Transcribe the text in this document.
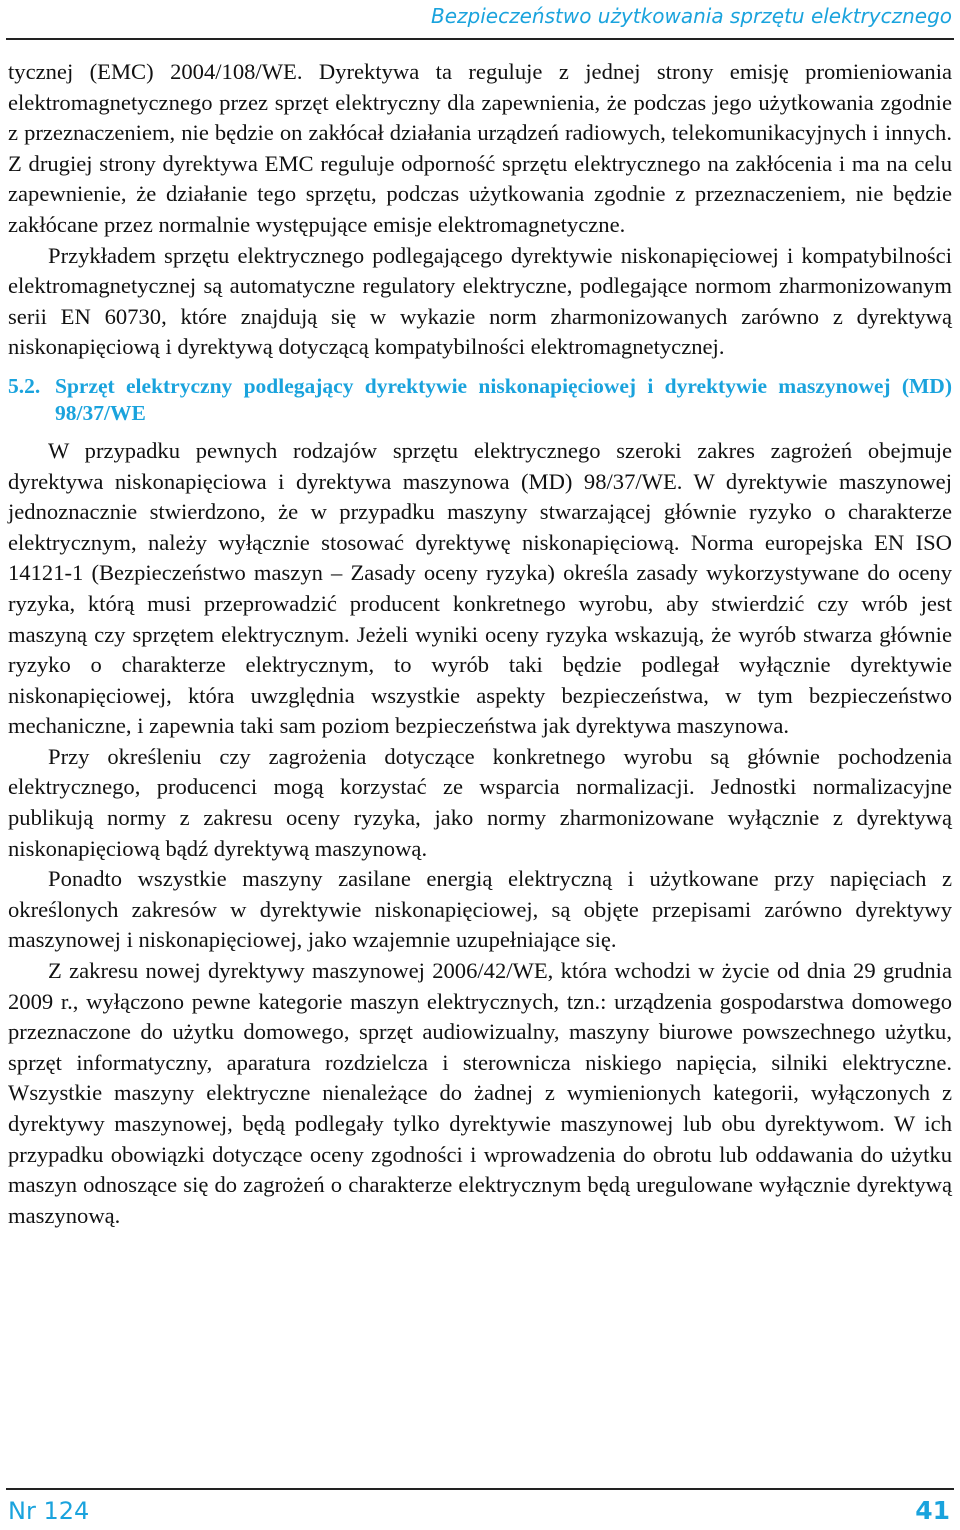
Bezpieczeństwo użytkowania sprzętu elektrycznego

tycznej (EMC) 2004/108/WE. Dyrektywa ta reguluje z jednej strony emisję promieniowania elektromagnetycznego przez sprzęt elektryczny dla zapewnienia, że podczas jego użytkowania zgodnie z przeznaczeniem, nie będzie on zakłócał działania urządzeń radiowych, telekomunikacyjnych i innych. Z drugiej strony dyrektywa EMC reguluje odporność sprzętu elektrycznego na zakłócenia i ma na celu zapewnienie, że działanie tego sprzętu, podczas użytkowania zgodnie z przeznaczeniem, nie będzie zakłócane przez normalnie występujące emisje elektromagnetyczne.

Przykładem sprzętu elektrycznego podlegającego dyrektywie niskonapięciowej i kompatybilności elektromagnetycznej są automatyczne regulatory elektryczne, podlegające normom zharmonizowanym serii EN 60730, które znajdują się w wykazie norm zharmonizowanych zarówno z dyrektywą niskonapięciową i dyrektywą dotyczącą kompatybilności elektromagnetycznej.

5.2. Sprzęt elektryczny podlegający dyrektywie niskonapięciowej i dyrektywie maszynowej (MD) 98/37/WE

W przypadku pewnych rodzajów sprzętu elektrycznego szeroki zakres zagrożeń obejmuje dyrektywa niskonapięciowa i dyrektywa maszynowa (MD) 98/37/WE. W dyrektywie maszynowej jednoznacznie stwierdzono, że w przypadku maszyny stwarzającej głównie ryzyko o charakterze elektrycznym, należy wyłącznie stosować dyrektywę niskonapięciową. Norma europejska EN ISO 14121-1 (Bezpieczeństwo maszyn – Zasady oceny ryzyka) określa zasady wykorzystywane do oceny ryzyka, którą musi przeprowadzić producent konkretnego wyrobu, aby stwierdzić czy wrób jest maszyną czy sprzętem elektrycznym. Jeżeli wyniki oceny ryzyka wskazują, że wyrób stwarza głównie ryzyko o charakterze elektrycznym, to wyrób taki będzie podlegał wyłącznie dyrektywie niskonapięciowej, która uwzględnia wszystkie aspekty bezpieczeństwa, w tym bezpieczeństwo mechaniczne, i zapewnia taki sam poziom bezpieczeństwa jak dyrektywa maszynowa.

Przy określeniu czy zagrożenia dotyczące konkretnego wyrobu są głównie pochodzenia elektrycznego, producenci mogą korzystać ze wsparcia normalizacji. Jednostki normalizacyjne publikują normy z zakresu oceny ryzyka, jako normy zharmonizowane wyłącznie z dyrektywą niskonapięciową bądź dyrektywą maszynową.

Ponadto wszystkie maszyny zasilane energią elektryczną i użytkowane przy napięciach z określonych zakresów w dyrektywie niskonapięciowej, są objęte przepisami zarówno dyrektywy maszynowej i niskonapięciowej, jako wzajemnie uzupełniające się.

Z zakresu nowej dyrektywy maszynowej 2006/42/WE, która wchodzi w życie od dnia 29 grudnia 2009 r., wyłączono pewne kategorie maszyn elektrycznych, tzn.: urządzenia gospodarstwa domowego przeznaczone do użytku domowego, sprzęt audiowizualny, maszyny biurowe powszechnego użytku, sprzęt informatyczny, aparatura rozdzielcza i sterownicza niskiego napięcia, silniki elektryczne. Wszystkie maszyny elektryczne nienależące do żadnej z wymienionych kategorii, wyłączonych z dyrektywy maszynowej, będą podlegały tylko dyrektywie maszynowej lub obu dyrektywom. W ich przypadku obowiązki dotyczące oceny zgodności i wprowadzenia do obrotu lub oddawania do użytku maszyn odnoszące się do zagrożeń o charakterze elektrycznym będą uregulowane wyłącznie dyrektywą maszynową.

Nr 124	41
